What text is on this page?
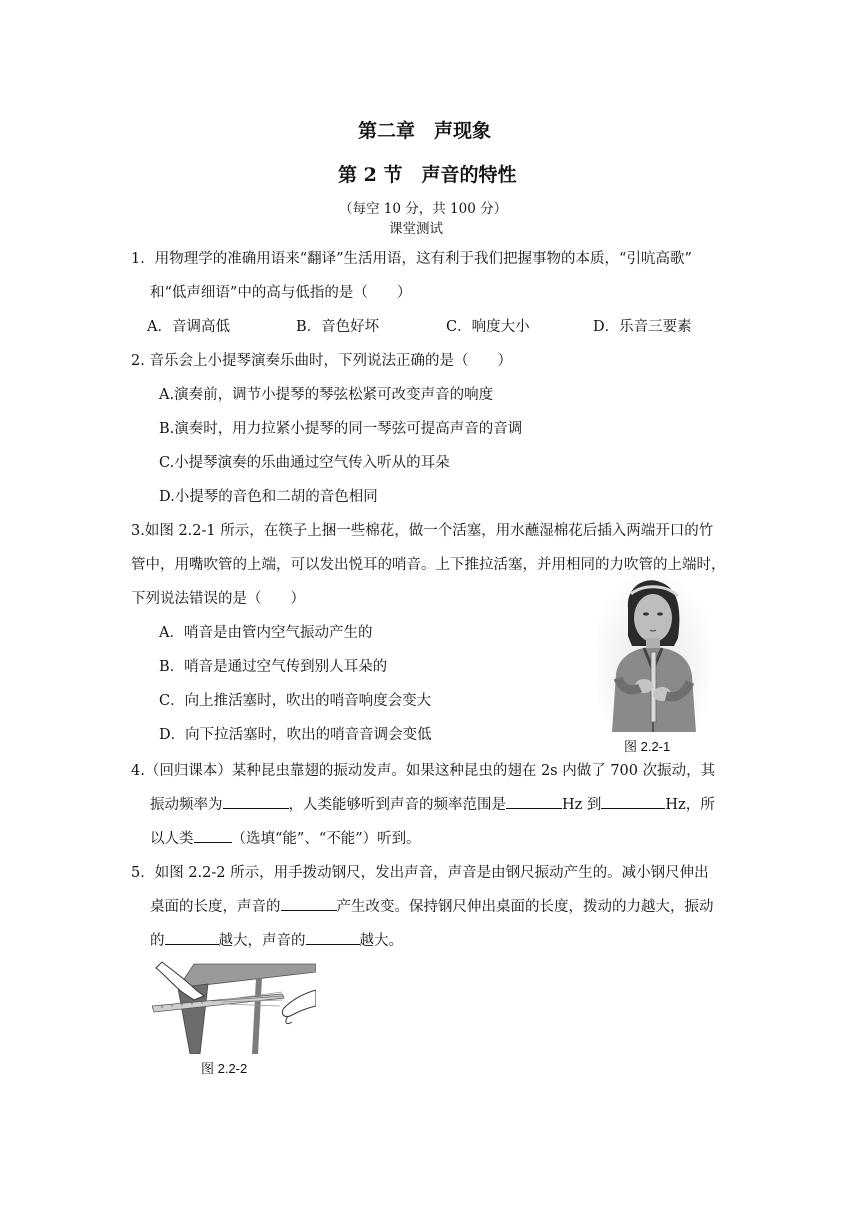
第二章　声现象
第 2 节　声音的特性
（每空 10 分，共 100 分）
课堂测试
1．用物理学的准确用语来“翻译”生活用语，这有利于我们把握事物的本质，“引吭高歌”
和“低声细语”中的高与低指的是（　　）
A．音调高低	B．音色好坏	C．响度大小	D．乐音三要素
2. 音乐会上小提琴演奏乐曲时，下列说法正确的是（　　）
A.演奏前，调节小提琴的琴弦松紧可改变声音的响度
B.演奏时，用力拉紧小提琴的同一琴弦可提高声音的音调
C.小提琴演奏的乐曲通过空气传入听从的耳朵
D.小提琴的音色和二胡的音色相同
3.如图 2.2-1 所示，在筷子上捆一些棉花，做一个活塞，用水蘸湿棉花后插入两端开口的竹
管中，用嘴吹管的上端，可以发出悦耳的哨音。上下推拉活塞，并用相同的力吹管的上端时，
下列说法错误的是（　　）
A．哨音是由管内空气振动产生的
B．哨音是通过空气传到别人耳朵的
C．向上推活塞时，吹出的哨音响度会变大
D．向下拉活塞时，吹出的哨音音调会变低
图 2.2-1
4.（回归课本）某种昆虫靠翅的振动发声。如果这种昆虫的翅在 2s 内做了 700 次振动，其
振动频率为	，人类能够听到声音的频率范围是	Hz 到	Hz，所
以人类	（选填“能”、“不能”）听到。
5．如图 2.2-2 所示，用手拨动钢尺，发出声音，声音是由钢尺振动产生的。减小钢尺伸出
桌面的长度，声音的	产生改变。保持钢尺伸出桌面的长度，拨动的力越大，振动
的	越大，声音的	越大。
图 2.2-2
